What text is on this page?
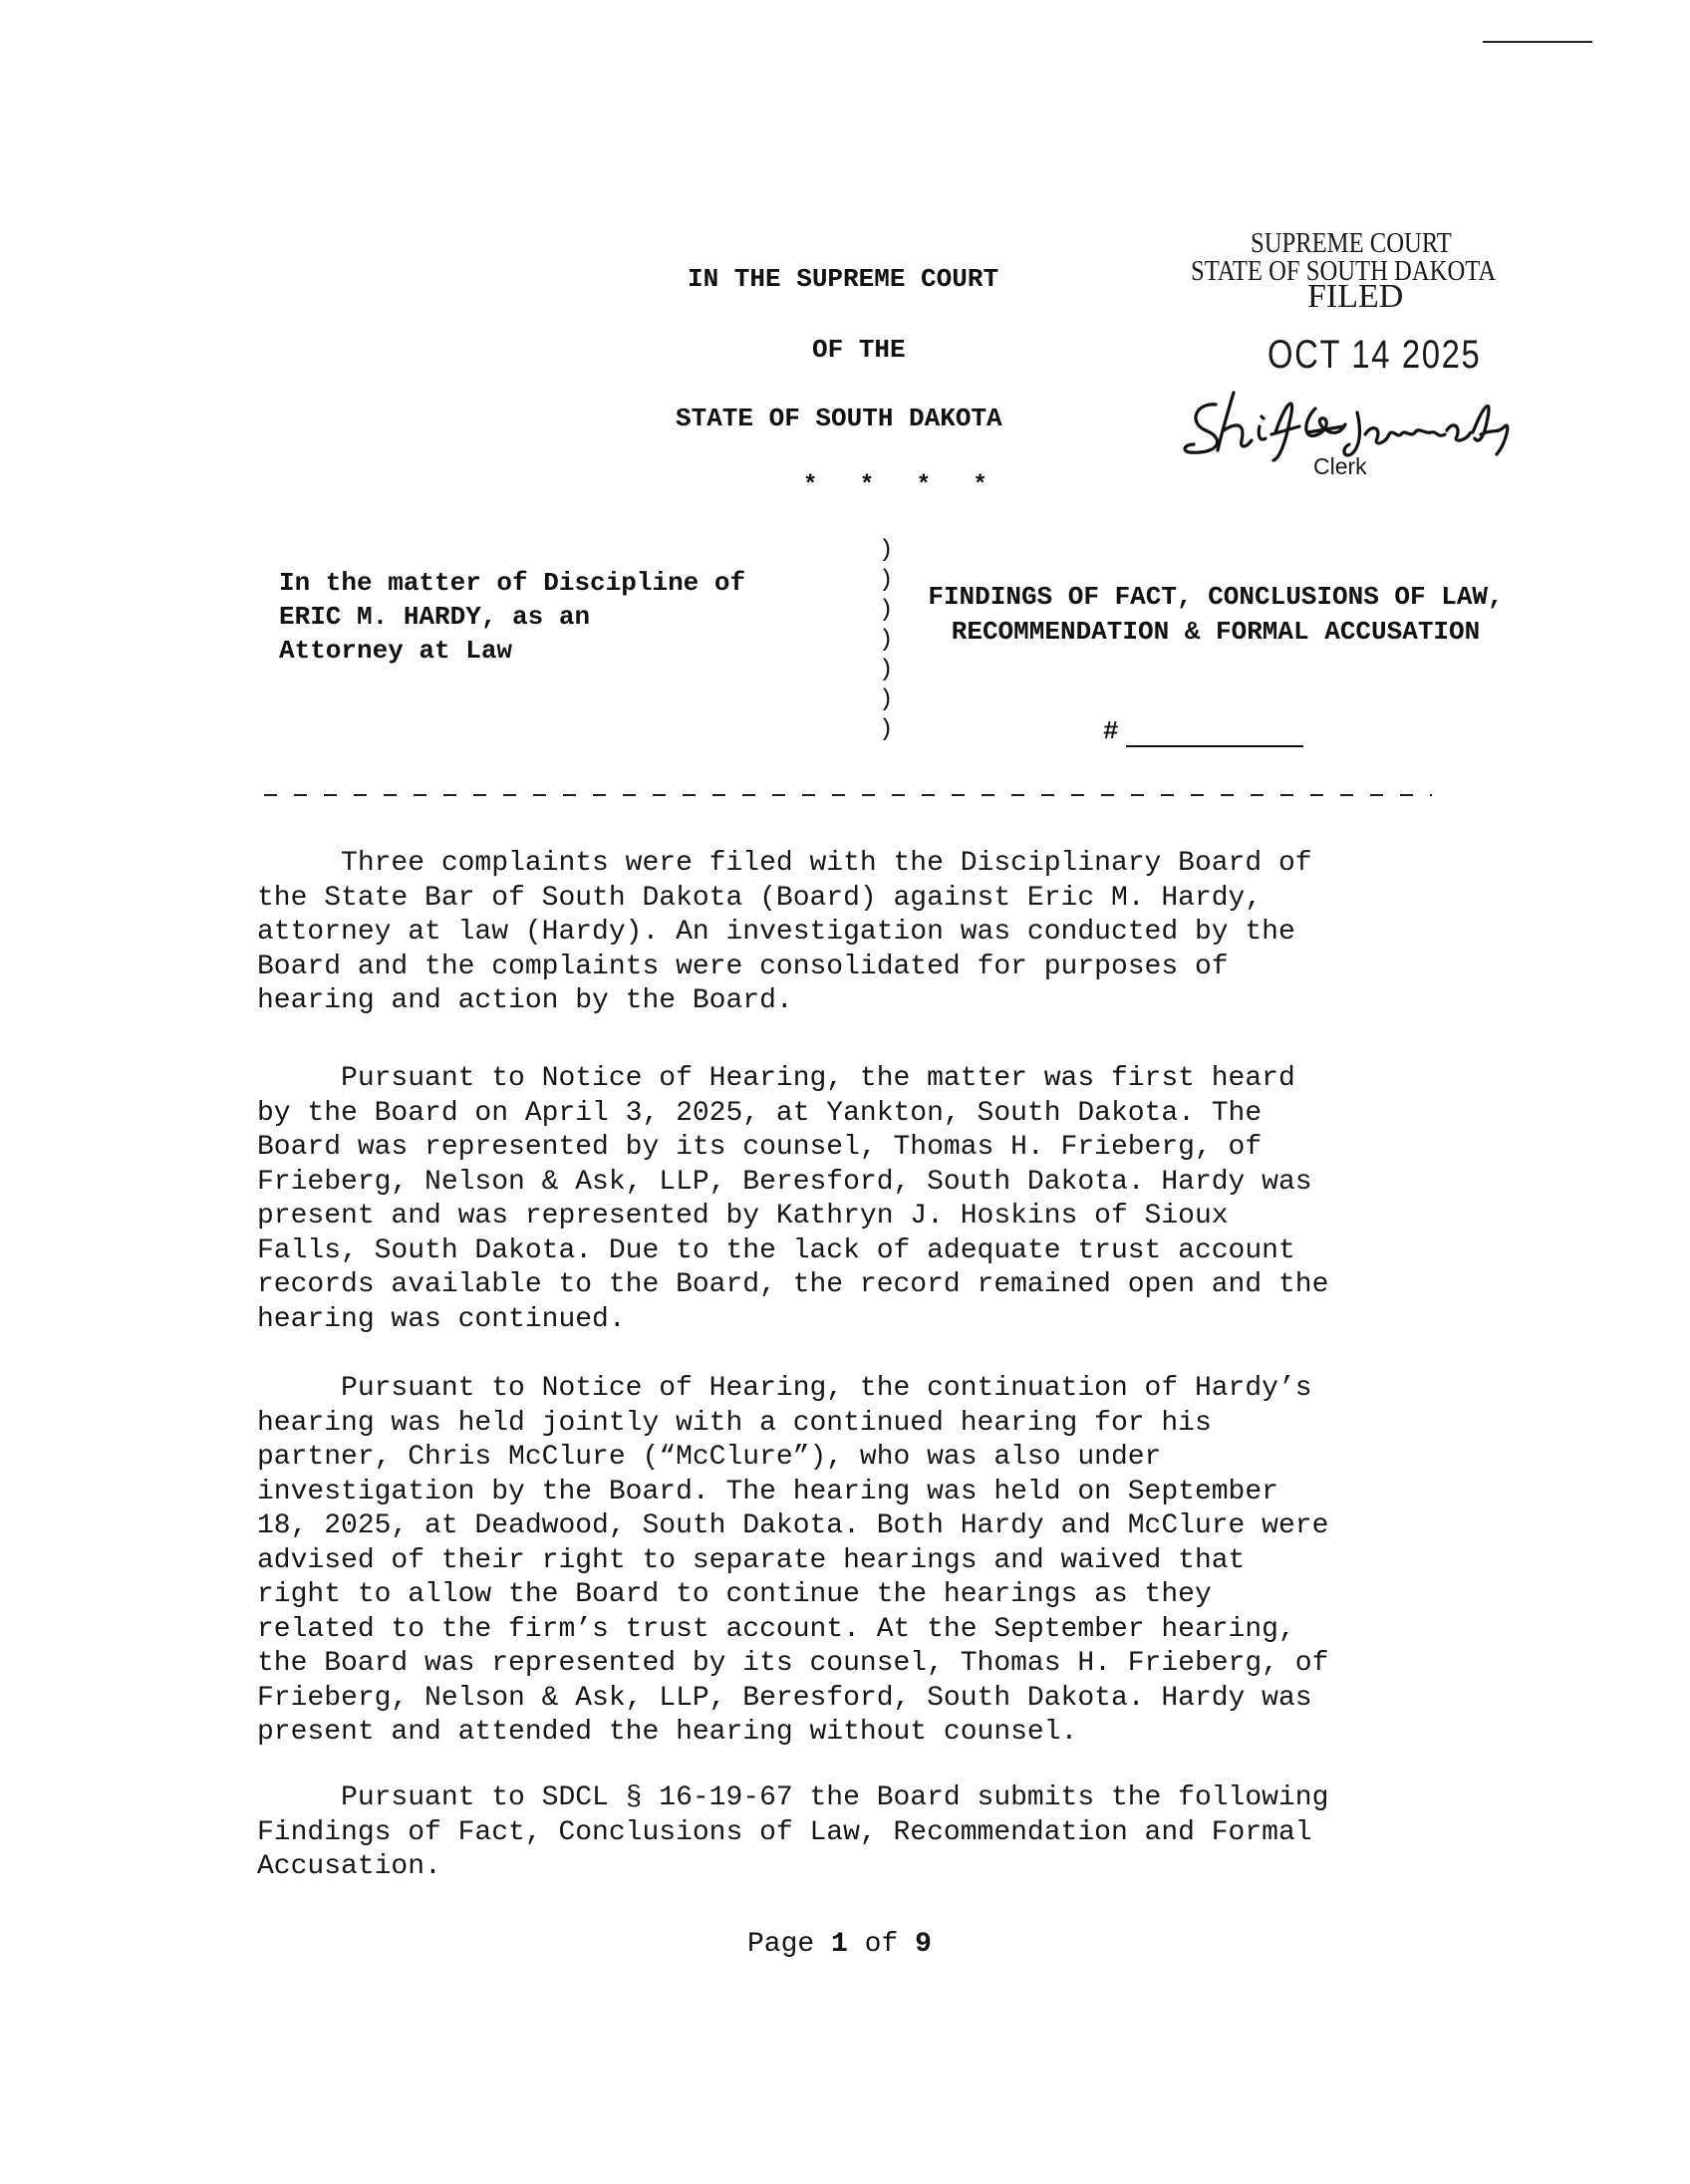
IN THE SUPREME COURT
OF THE
STATE OF SOUTH DAKOTA
* * * *
SUPREME COURT
STATE OF SOUTH DAKOTA
FILED
OCT 14 2025
Clerk
In the matter of Discipline of
ERIC M. HARDY, as an
Attorney at Law
)
)
)
)
)
)
)
FINDINGS OF FACT, CONCLUSIONS OF LAW, RECOMMENDATION & FORMAL ACCUSATION
#
Three complaints were filed with the Disciplinary Board of
the State Bar of South Dakota (Board) against Eric M. Hardy,
attorney at law (Hardy). An investigation was conducted by the
Board and the complaints were consolidated for purposes of
hearing and action by the Board.
Pursuant to Notice of Hearing, the matter was first heard
by the Board on April 3, 2025, at Yankton, South Dakota. The
Board was represented by its counsel, Thomas H. Frieberg, of
Frieberg, Nelson & Ask, LLP, Beresford, South Dakota. Hardy was
present and was represented by Kathryn J. Hoskins of Sioux
Falls, South Dakota. Due to the lack of adequate trust account
records available to the Board, the record remained open and the
hearing was continued.
Pursuant to Notice of Hearing, the continuation of Hardy’s
hearing was held jointly with a continued hearing for his
partner, Chris McClure (“McClure”), who was also under
investigation by the Board. The hearing was held on September
18, 2025, at Deadwood, South Dakota. Both Hardy and McClure were
advised of their right to separate hearings and waived that
right to allow the Board to continue the hearings as they
related to the firm’s trust account. At the September hearing,
the Board was represented by its counsel, Thomas H. Frieberg, of
Frieberg, Nelson & Ask, LLP, Beresford, South Dakota. Hardy was
present and attended the hearing without counsel.
Pursuant to SDCL § 16-19-67 the Board submits the following
Findings of Fact, Conclusions of Law, Recommendation and Formal
Accusation.
Page 1 of 9
